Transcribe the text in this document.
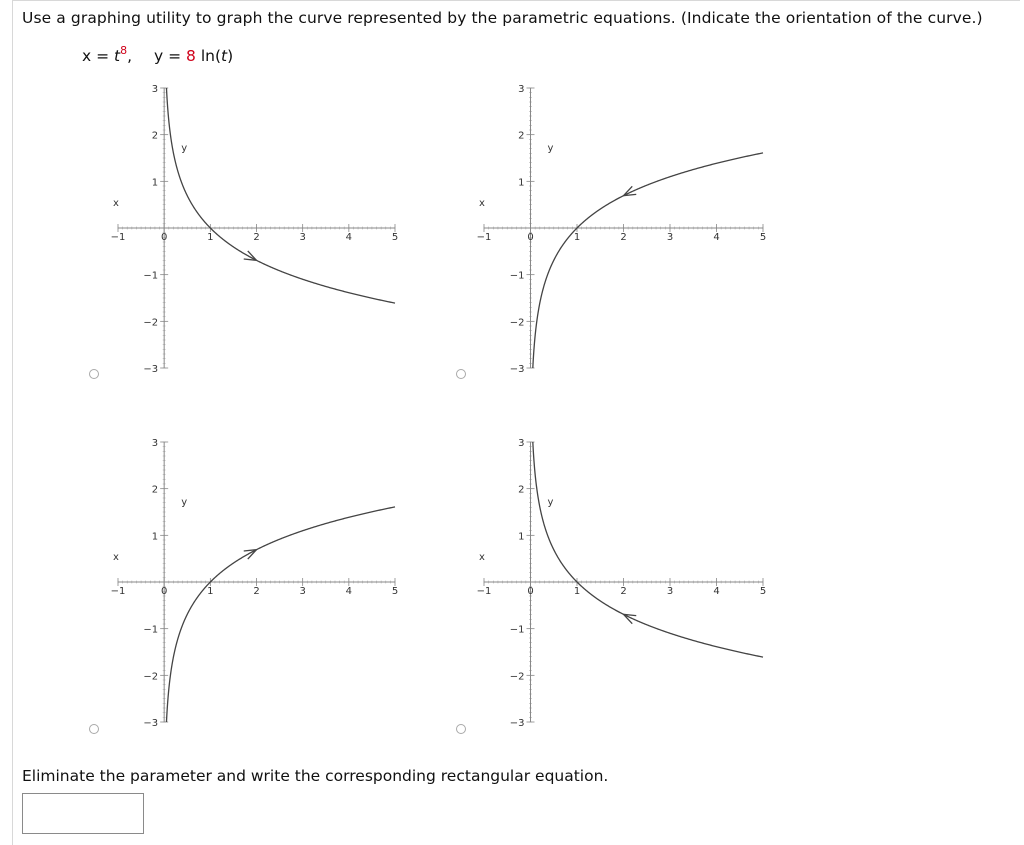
Use a graphing utility to graph the curve represented by the parametric equations. (Indicate the orientation of the curve.)
$x = t^8$, y = 8 ln(t)
−1	0	1	2	3	4	5
−3
−2
−1
1
2
3
x
y
−1	0	1	2	3	4	5
−3
−2
−1
1
2
3
x
y
−1	0	1	2	3	4	5
−3
−2
−1
1
2
3
x
y
−1	0	1	2	3	4	5
−3
−2
−1
1
2
3
x
y
Eliminate the parameter and write the corresponding rectangular equation.
